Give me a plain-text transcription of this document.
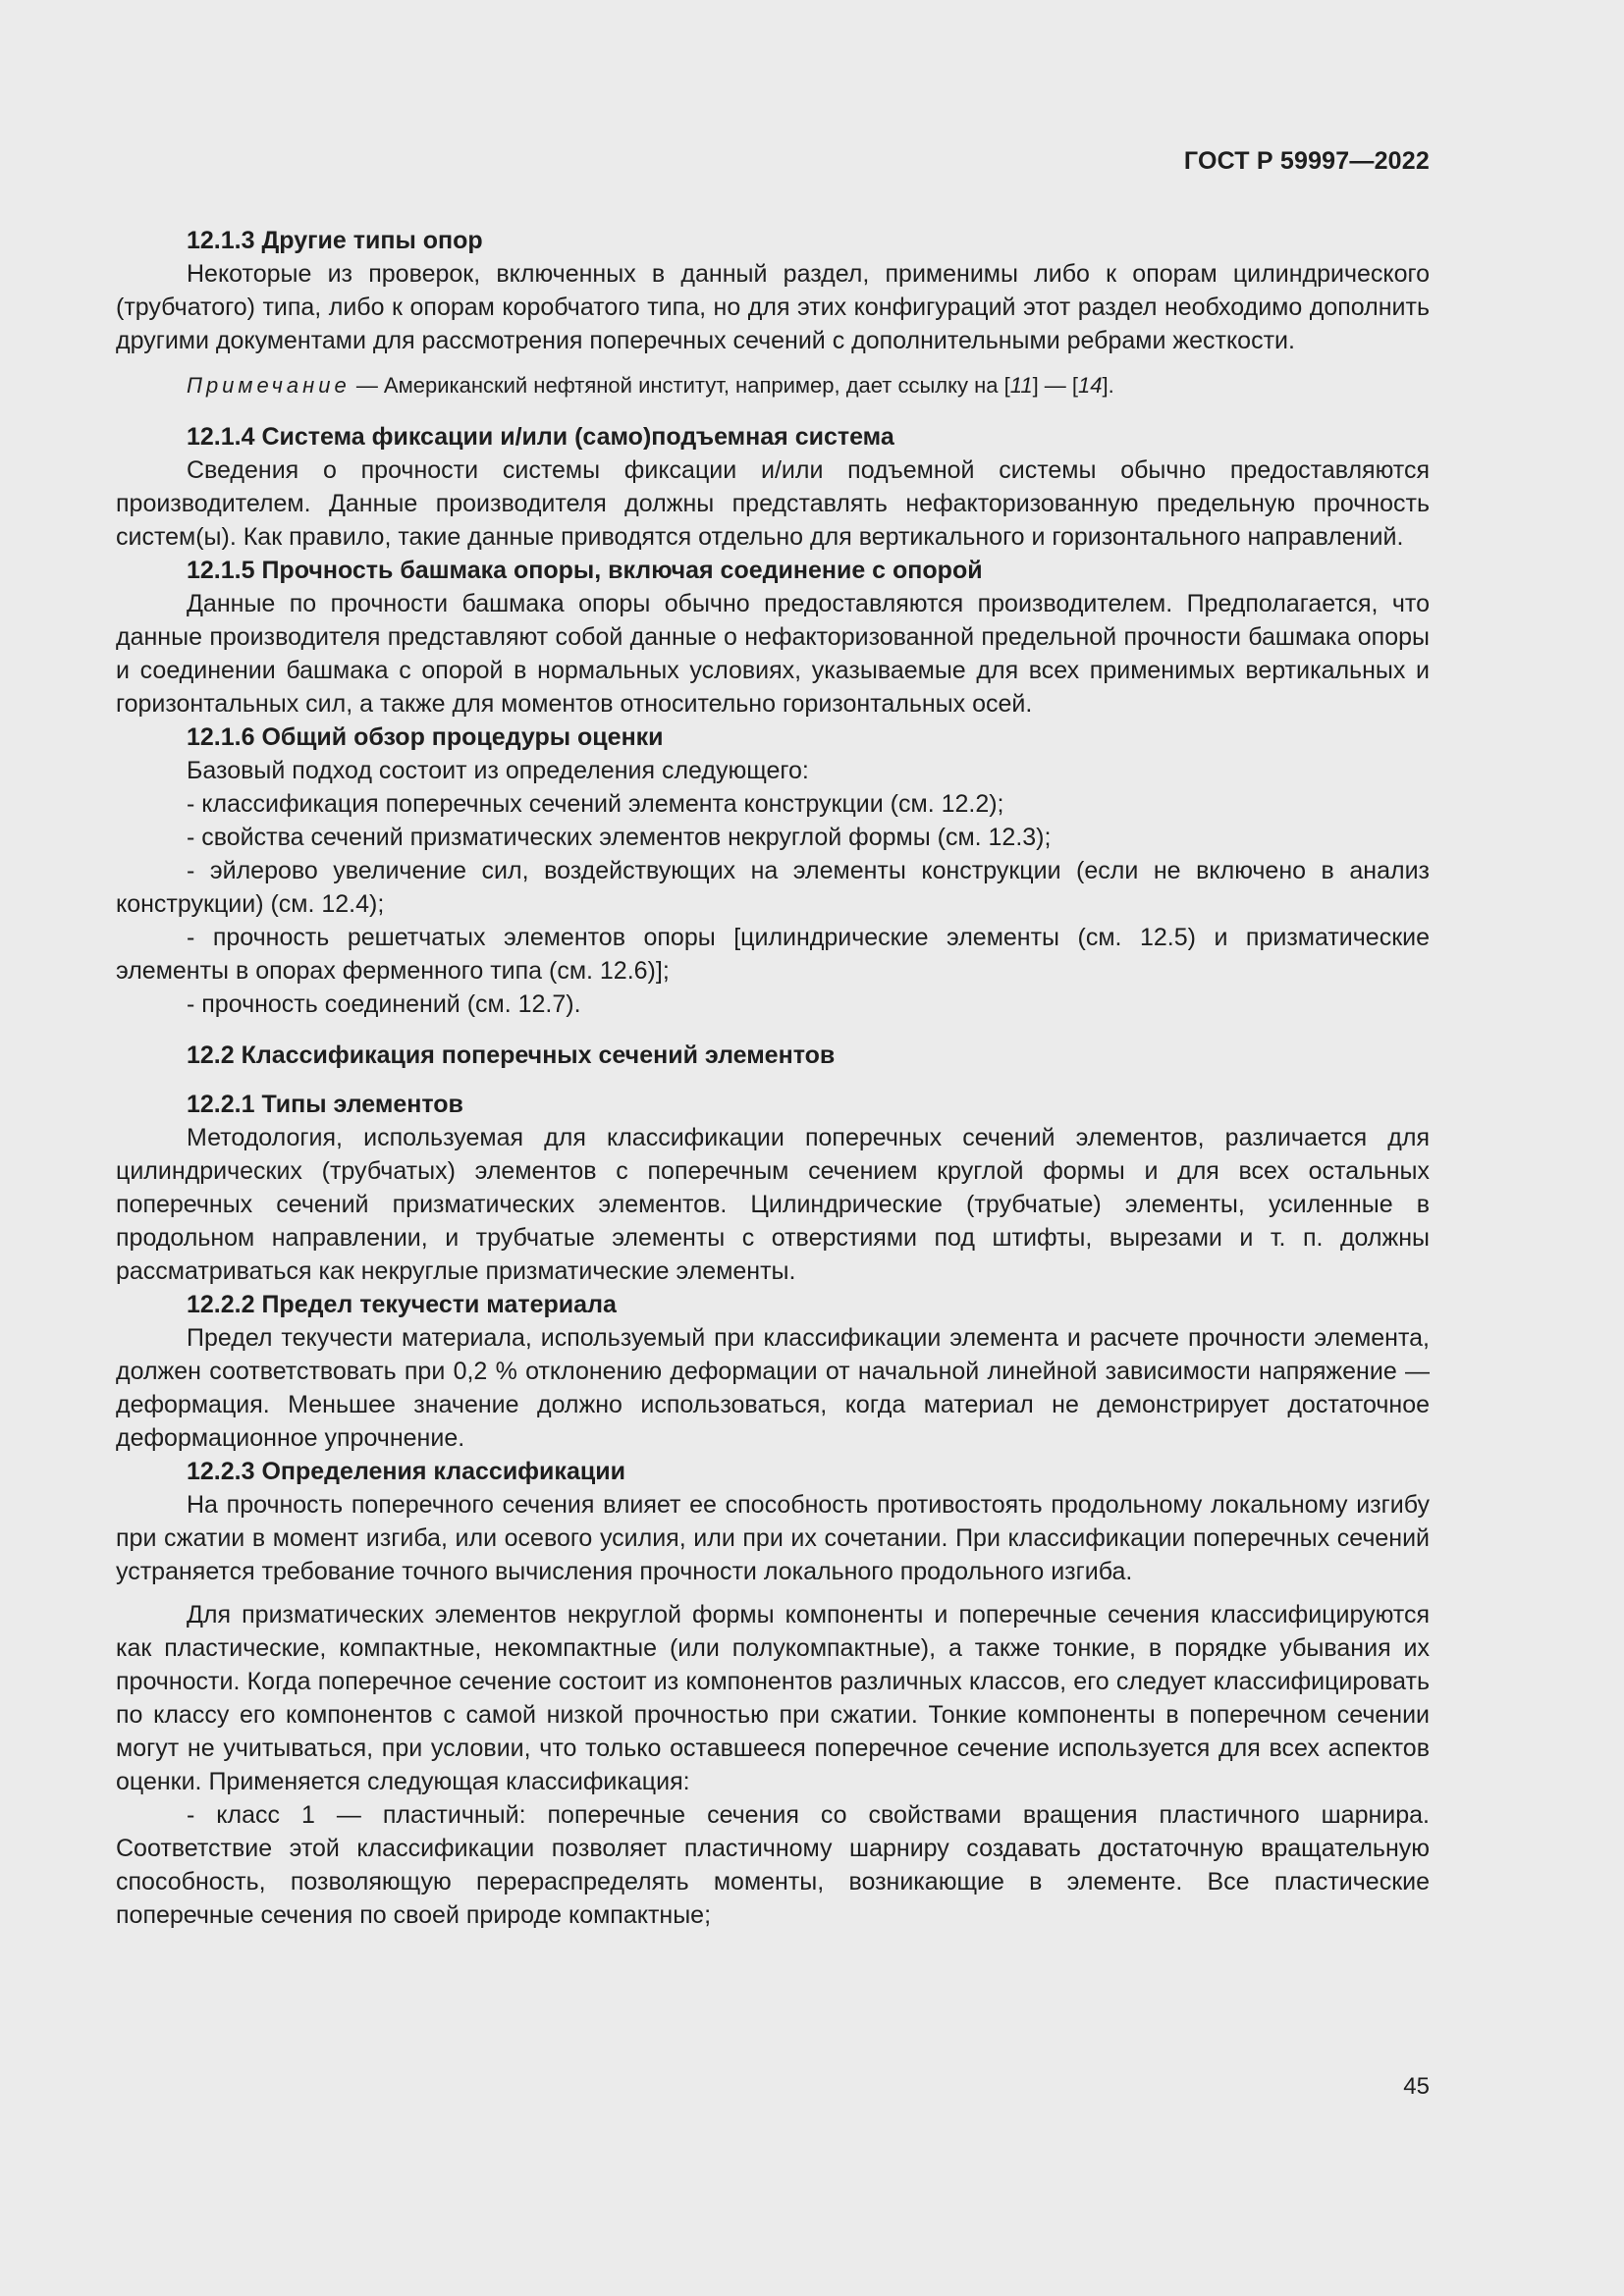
ГОСТ Р 59997—2022

12.1.3 Другие типы опор

Некоторые из проверок, включенных в данный раздел, применимы либо к опорам цилиндрического (трубчатого) типа, либо к опорам коробчатого типа, но для этих конфигураций этот раздел необходимо дополнить другими документами для рассмотрения поперечных сечений с дополнительными ребрами жесткости.

Примечание — Американский нефтяной институт, например, дает ссылку на [11] — [14].

12.1.4 Система фиксации и/или (само)подъемная система

Сведения о прочности системы фиксации и/или подъемной системы обычно предоставляются производителем. Данные производителя должны представлять нефакторизованную предельную прочность систем(ы). Как правило, такие данные приводятся отдельно для вертикального и горизонтального направлений.

12.1.5 Прочность башмака опоры, включая соединение с опорой

Данные по прочности башмака опоры обычно предоставляются производителем. Предполагается, что данные производителя представляют собой данные о нефакторизованной предельной прочности башмака опоры и соединении башмака с опорой в нормальных условиях, указываемые для всех применимых вертикальных и горизонтальных сил, а также для моментов относительно горизонтальных осей.

12.1.6 Общий обзор процедуры оценки

Базовый подход состоит из определения следующего:

- классификация поперечных сечений элемента конструкции (см. 12.2);

- свойства сечений призматических элементов некруглой формы (см. 12.3);

- эйлерово увеличение сил, воздействующих на элементы конструкции (если не включено в анализ конструкции) (см. 12.4);

- прочность решетчатых элементов опоры [цилиндрические элементы (см. 12.5) и призматические элементы в опорах ферменного типа (см. 12.6)];

- прочность соединений (см. 12.7).

12.2 Классификация поперечных сечений элементов

12.2.1 Типы элементов

Методология, используемая для классификации поперечных сечений элементов, различается для цилиндрических (трубчатых) элементов с поперечным сечением круглой формы и для всех остальных поперечных сечений призматических элементов. Цилиндрические (трубчатые) элементы, усиленные в продольном направлении, и трубчатые элементы с отверстиями под штифты, вырезами и т. п. должны рассматриваться как некруглые призматические элементы.

12.2.2 Предел текучести материала

Предел текучести материала, используемый при классификации элемента и расчете прочности элемента, должен соответствовать при 0,2 % отклонению деформации от начальной линейной зависимости напряжение — деформация. Меньшее значение должно использоваться, когда материал не демонстрирует достаточное деформационное упрочнение.

12.2.3 Определения классификации

На прочность поперечного сечения влияет ее способность противостоять продольному локальному изгибу при сжатии в момент изгиба, или осевого усилия, или при их сочетании. При классификации поперечных сечений устраняется требование точного вычисления прочности локального продольного изгиба.

Для призматических элементов некруглой формы компоненты и поперечные сечения классифицируются как пластические, компактные, некомпактные (или полукомпактные), а также тонкие, в порядке убывания их прочности. Когда поперечное сечение состоит из компонентов различных классов, его следует классифицировать по классу его компонентов с самой низкой прочностью при сжатии. Тонкие компоненты в поперечном сечении могут не учитываться, при условии, что только оставшееся поперечное сечение используется для всех аспектов оценки. Применяется следующая классификация:

- класс 1 — пластичный: поперечные сечения со свойствами вращения пластичного шарнира. Соответствие этой классификации позволяет пластичному шарниру создавать достаточную вращательную способность, позволяющую перераспределять моменты, возникающие в элементе. Все пластические поперечные сечения по своей природе компактные;

45
